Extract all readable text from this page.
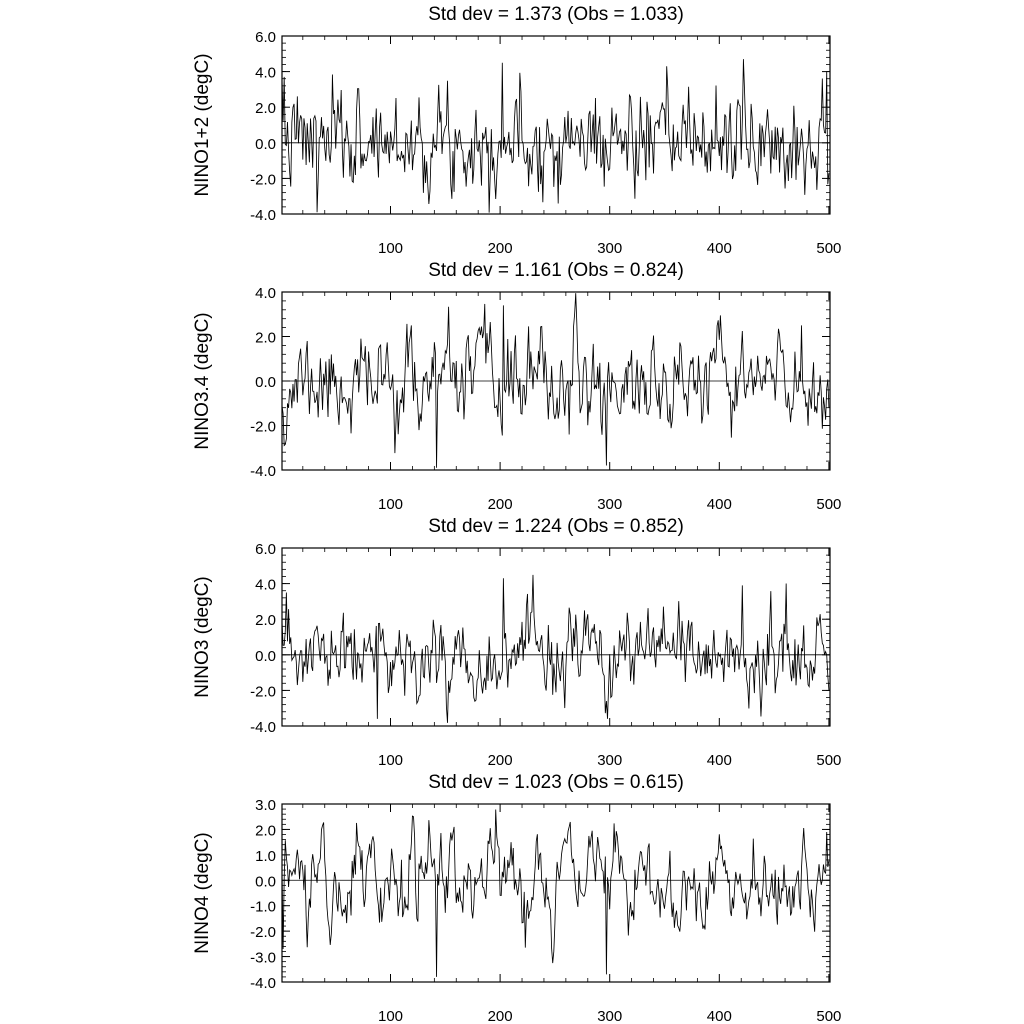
Std dev = 1.373 (Obs = 1.033)
NINO1+2 (degC)
-4.0
-2.0
0.0
2.0
4.0
6.0
100	200	300	400	500
Std dev = 1.161 (Obs = 0.824)
NINO3.4 (degC)
-4.0
-2.0
0.0
2.0
4.0
100	200	300	400	500
Std dev = 1.224 (Obs = 0.852)
NINO3 (degC)
-4.0
-2.0
0.0
2.0
4.0
6.0
100	200	300	400	500
Std dev = 1.023 (Obs = 0.615)
NINO4 (degC)
-4.0
-3.0
-2.0
-1.0
0.0
1.0
2.0
3.0
100	200	300	400	500
